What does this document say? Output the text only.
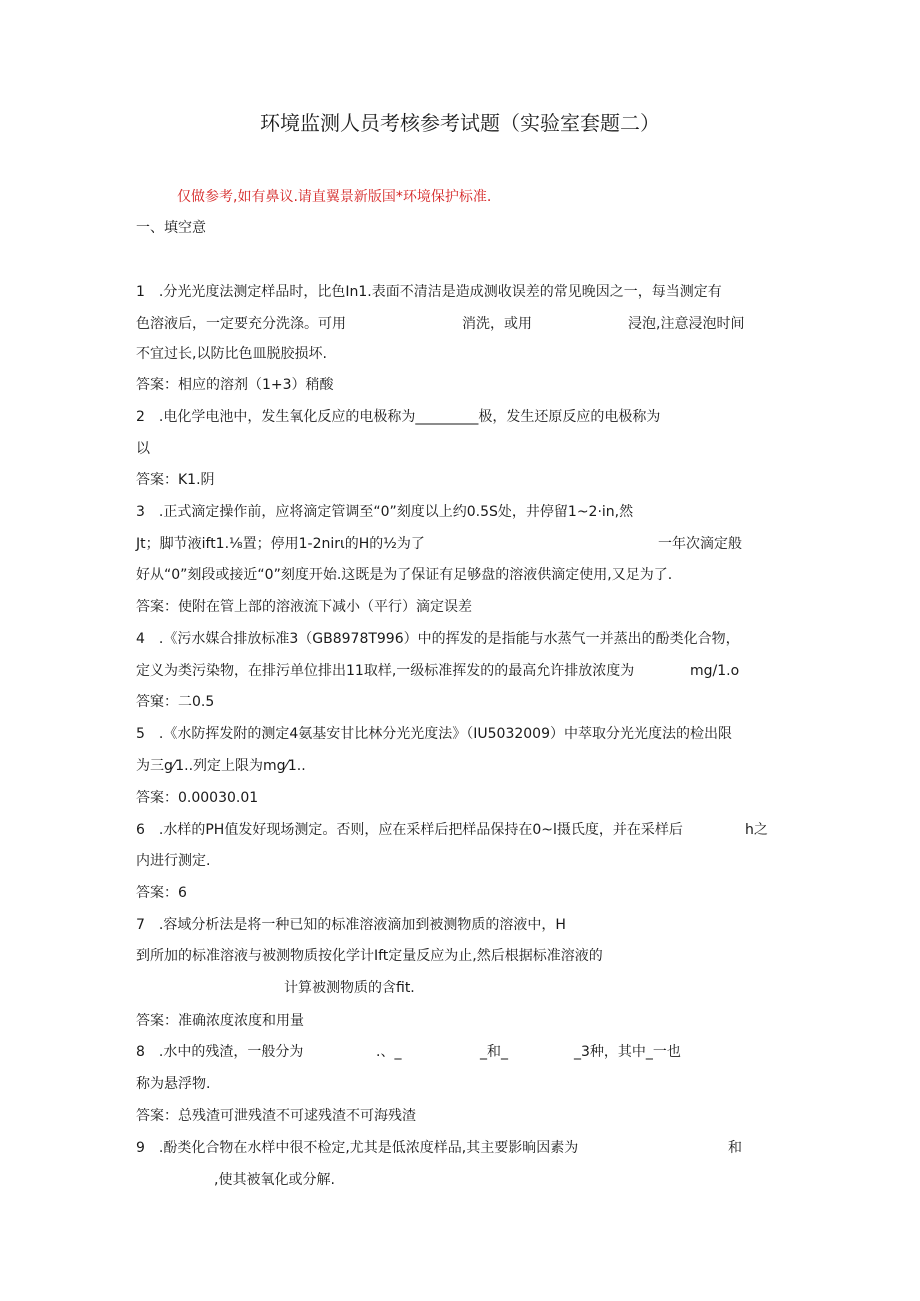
环境监测人员考核参考试题（实验室套题二）
仅做参考,如有鼻议.请直翼景新版国*环境保护标准.
一、填空意
1　.分光光度法测定样品时，比色In1.表面不清洁是造成测收误差的常见晚因之一，每当测定有
色溶液后，一定要充分洗涤。可用	消洗，或用	浸泡,注意浸泡时间
不宜过长,以防比色皿脱胶损坏.
答案：相应的溶剂（1+3）稍酸
2　.电化学电池中，发生氧化反应的电极称为_________极，发生还原反应的电极称为
以
答案：K1.阴
3　.正式滴定操作前，应将滴定管调至“0”刻度以上约0.5S处，井停留1~2·in,然
Jt；脚节液ift1.⅛置；停用1-2nirι的H的½为了	一年次滴定般
好从“0”刻段或接近“0”刻度开始.这既是为了保证有足够盘的溶液供滴定使用,又足为了.
答案：使附在管上部的溶液流下减小（平行）滴定误差
4　.《污水媒合排放标准3（GB8978T996）中的挥发的是指能与水蒸气一并蒸出的酚类化合物，
定义为类污染物，在排污单位排出11取样,一级标准挥发的的最高允许排放浓度为	mg/1.o
答窠：二0.5
5　.《水防挥发附的测定4氨基安甘比林分光光度法》（IU5032009）中萃取分光光度法的检出限
为三g⁄1..列定上限为mg⁄1..
答案：0.00030.01
6　.水样的PH值发好现场测定。否则，应在采样后把样品保持在0~l摄氏度，并在采样后	h之
内进行测定.
答案：6
7　.容域分析法是将一种已知的标准溶液滴加到被测物质的溶液中，H
到所加的标准溶液与被测物质按化学计Ift定量反应为止,然后根据标准溶液的
计算被测物质的含fit.
答案：准确浓度浓度和用量
8　.水中的残渣，一般分为	.、_	_和_	_3种，其中_一也
称为悬浮物.
答案：总残渣可泄残渣不可逑残渣不可海残渣
9　.酚类化合物在水样中很不检定,尤其是低浓度样品,其主要影晌因素为	和
,使其被氧化或分解.
